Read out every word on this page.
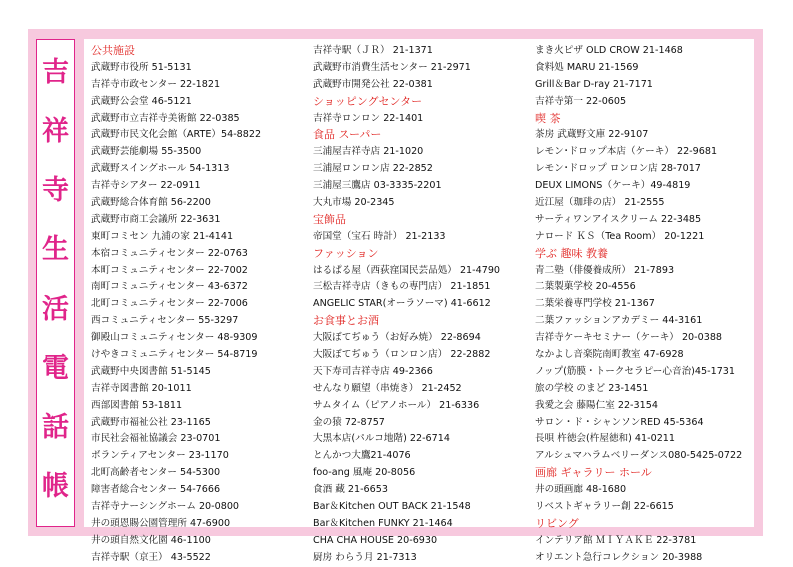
吉
祥
寺
生
活
電
話
帳
公共施設
武蔵野市役所 51-5131
吉祥寺市政センター 22-1821
武蔵野公会堂 46-5121
武蔵野市立吉祥寺美術館 22-0385
武蔵野市民文化会館（ARTE）54-8822
武蔵野芸能劇場 55-3500
武蔵野スイングホール 54-1313
吉祥寺シアター 22-0911
武蔵野総合体育館 56-2200
武蔵野市商工会議所 22-3631
東町コミセン 九浦の家 21-4141
本宿コミュニティセンター 22-0763
本町コミュニティセンター 22-7002
南町コミュニティセンター 43-6372
北町コミュニティセンター 22-7006
西コミュニティセンター 55-3297
御殿山コミュニティセンター 48-9309
けやきコミュニティセンター 54-8719
武蔵野中央図書館 51-5145
吉祥寺図書館 20-1011
西部図書館 53-1811
武蔵野市福祉公社 23-1165
市民社会福祉協議会 23-0701
ボランティアセンター 23-1170
北町高齢者センター 54-5300
障害者総合センター 54-7666
吉祥寺ナーシングホーム 20-0800
井の頭恩賜公園管理所 47-6900
井の頭自然文化園 46-1100
吉祥寺駅（京王） 43-5522
吉祥寺駅（ＪＲ） 21-1371
武蔵野市消費生活センター 21-2971
武蔵野市開発公社 22-0381
ショッピングセンター
吉祥寺ロンロン 22-1401
食品 スーパー
三浦屋吉祥寺店 21-1020
三浦屋ロンロン店 22-2852
三浦屋三鷹店 03-3335-2201
大丸市場 20-2345
宝飾品
帝国堂（宝石 時計） 21-2133
ファッション
はるぱる屋（西荻窪国民芸品処） 21-4790
三松吉祥寺店（きもの専門店） 21-1851
ANGELIC STAR(オーラソーマ) 41-6612
お食事とお酒
大阪ぼてぢゅう（お好み焼） 22-8694
大阪ぼてぢゅう（ロンロン店） 22-2882
天下寿司吉祥寺店 49-2366
せんなり願望（串焼き） 21-2452
サムタイム（ピアノホール） 21-6336
金の猿 72-8757
大黒本店(パルコ地階) 22-6714
とんかつ大鷹21-4076
foo-ang 風庵 20-8056
食酒 藏 21-6653
Bar＆Kitchen OUT BACK 21-1548
Bar＆Kitchen FUNKY 21-1464
CHA CHA HOUSE 20-6930
厨房 わらう月 21-7313
まき火ピザ OLD CROW 21-1468
食料処 MARU 21-1569
Grill＆Bar D-ray 21-7171
吉祥寺第一 22-0605
喫 茶
茶房 武蔵野文庫 22-9107
レモン･ドロップ本店（ケーキ） 22-9681
レモン･ドロップ ロンロン店 28-7017
DEUX LIMONS（ケーキ）49-4819
近江屋（珈琲の店） 21-2555
サーティワンアイスクリーム 22-3485
ナロード ＫＳ（Tea Room） 20-1221
学ぶ 趣味 教養
青二塾（俳優養成所） 21-7893
二葉製菓学校 20-4556
二葉栄養専門学校 21-1367
二葉ファッションアカデミー 44-3161
吉祥寺ケーキセミナー（ケーキ） 20-0388
なかよし音楽院南町教室 47-6928
ノップ(筋膜・トークセラピー心音治)45-1731
旅の学校 のまど 23-1451
我愛之会 藤陽仁室 22-3154
サロン・ド・シャンソンRED 45-5364
長唄 杵徳会(杵屋徳和) 41-0211
アルシュマハラムベリーダンス080-5425-0722
画廊 ギャラリー ホール
井の頭画廊 48-1680
リベストギャラリー創 22-6615
リビング
インテリア館 ＭＩＹＡＫＥ 22-3781
オリエント急行コレクション 20-3988
